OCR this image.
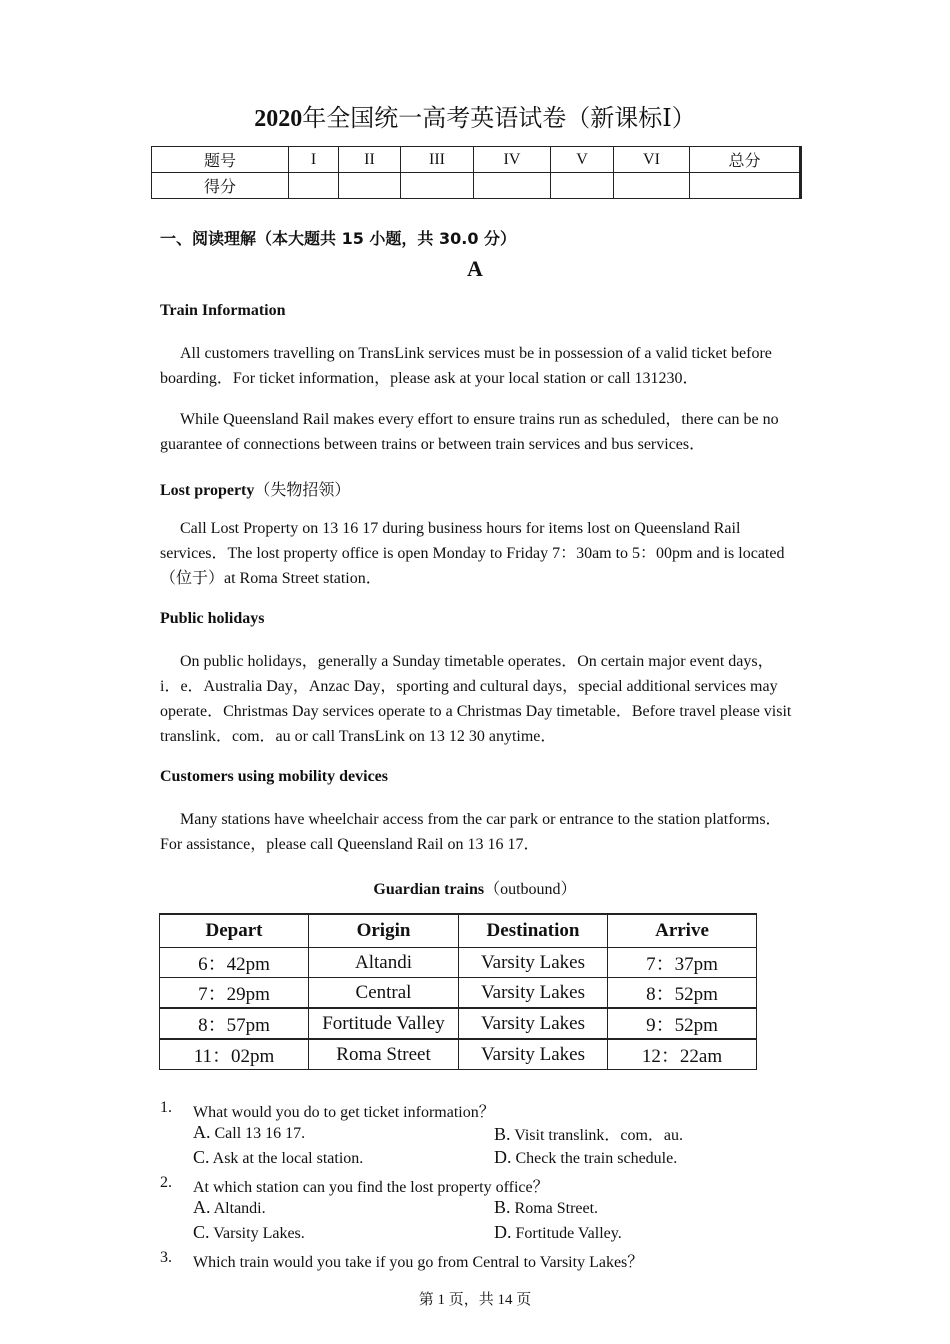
2020年全国统一高考英语试卷（新课标Ⅰ）
题号	I	II	III	IV	V	VI	总分
得分							
一、阅读理解（本大题共 15 小题，共 30.0 分）
A
Train Information
All customers travelling on TransLink services must be in possession of a valid ticket before boarding．For ticket information，please ask at your local station or call 131230．
While Queensland Rail makes every effort to ensure trains run as scheduled，there can be no guarantee of connections between trains or between train services and bus services．
Lost property（失物招领）
Call Lost Property on 13 16 17 during business hours for items lost on Queensland Rail services．The lost property office is open Monday to Friday 7：30am to 5：00pm and is located（位于）at Roma Street station．
Public holidays
On public holidays，generally a Sunday timetable operates．On certain major event days，i．e．Australia Day，Anzac Day，sporting and cultural days，special additional services may operate．Christmas Day services operate to a Christmas Day timetable．Before travel please visit translink．com．au or call TransLink on 13 12 30 anytime．
Customers using mobility devices
Many stations have wheelchair access from the car park or entrance to the station platforms．For assistance，please call Queensland Rail on 13 16 17．
Guardian trains（outbound）
Depart	Origin	Destination	Arrive
6：42pm	Altandi	Varsity Lakes	7：37pm
7：29pm	Central	Varsity Lakes	8：52pm
8：57pm	Fortitude Valley	Varsity Lakes	9：52pm
11：02pm	Roma Street	Varsity Lakes	12：22am
1. What would you do to get ticket information？
A. Call 13 16 17.	B. Visit translink．com．au.
C. Ask at the local station.	D. Check the train schedule.
2. At which station can you find the lost property office？
A. Altandi.	B. Roma Street.
C. Varsity Lakes.	D. Fortitude Valley.
3. Which train would you take if you go from Central to Varsity Lakes？
第 1 页，共 14 页
